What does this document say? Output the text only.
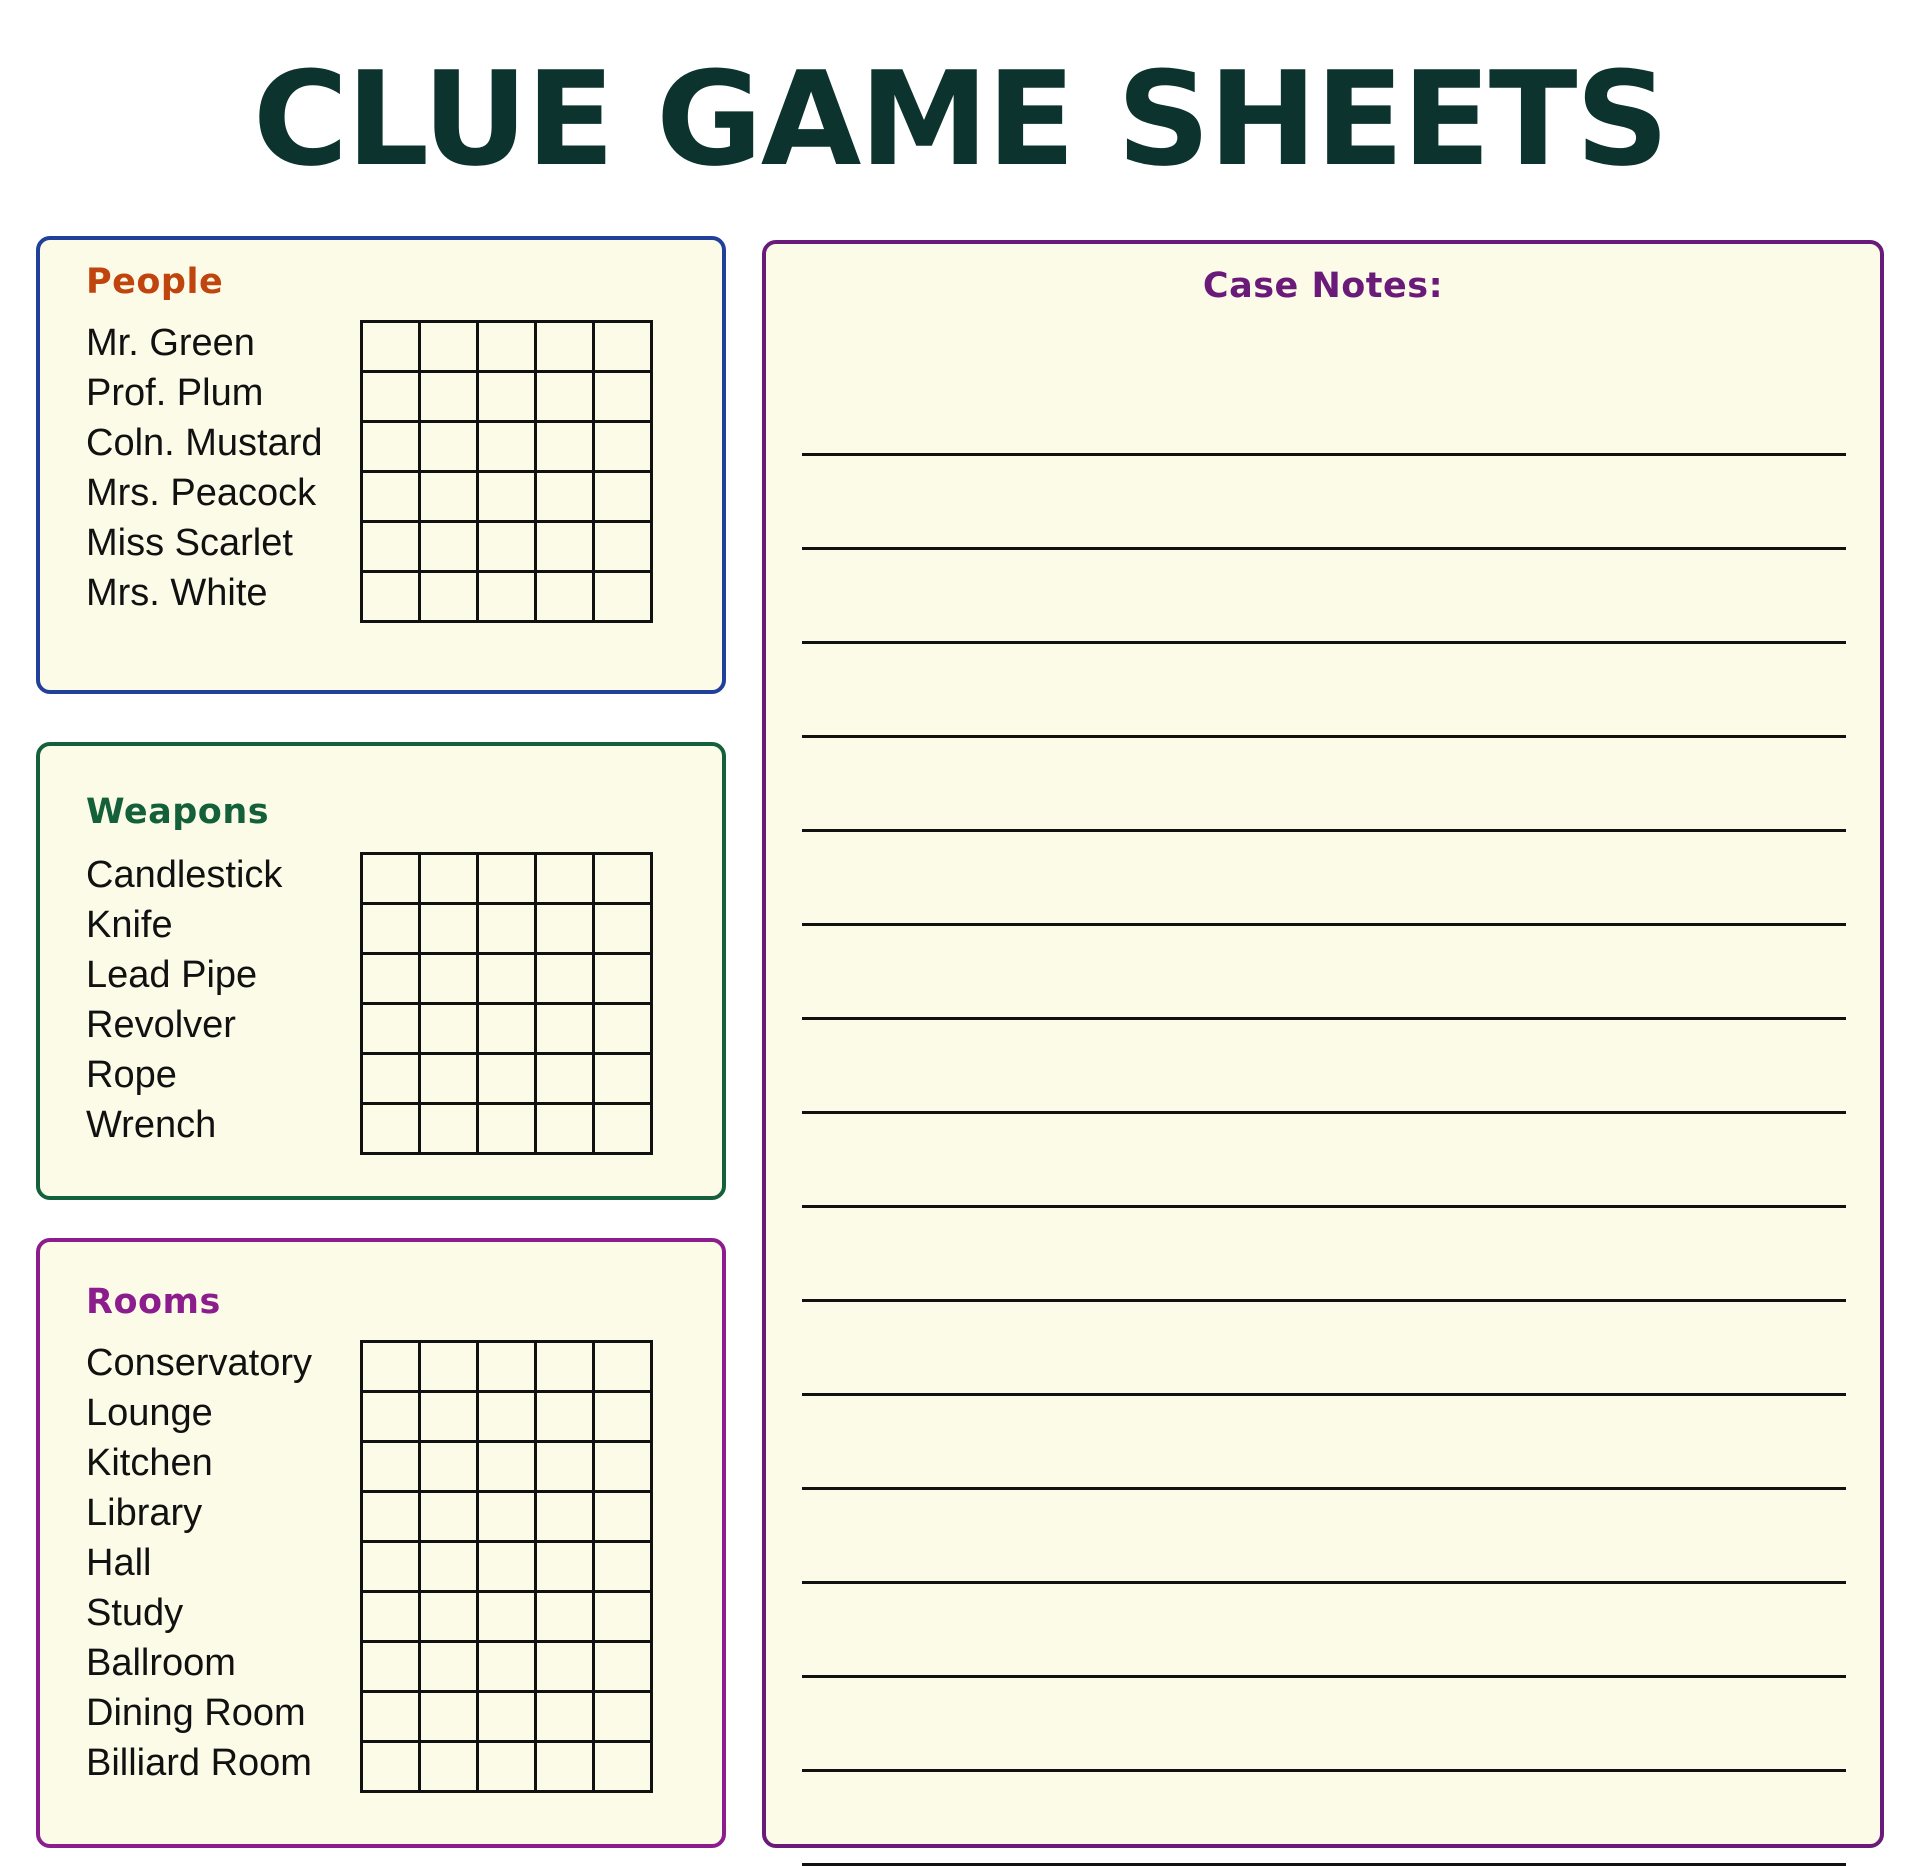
CLUE GAME SHEETS
People
Mr. Green
Prof. Plum
Coln. Mustard
Mrs. Peacock
Miss Scarlet
Mrs. White
Weapons
Candlestick
Knife
Lead Pipe
Revolver
Rope
Wrench
Rooms
Conservatory
Lounge
Kitchen
Library
Hall
Study
Ballroom
Dining Room
Billiard Room
Case Notes:
